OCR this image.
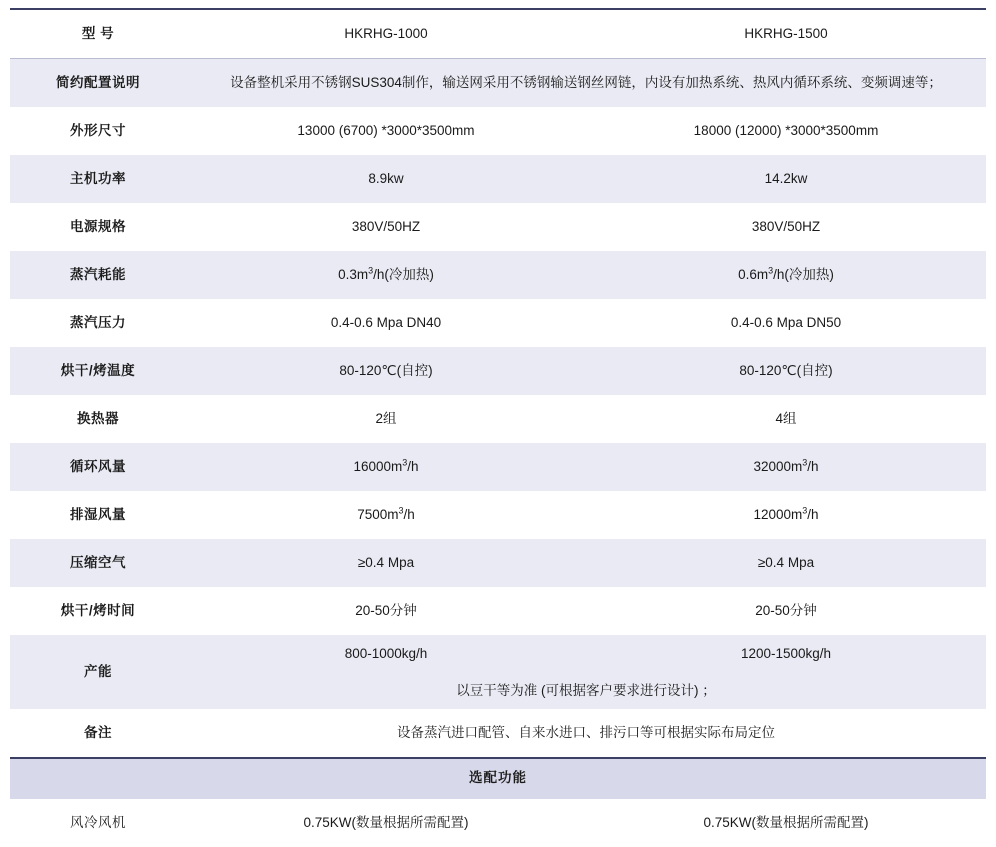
型 号	HKRHG-1000	HKRHG-1500

简约配置说明	设备整机采用不锈钢SUS304制作，输送网采用不锈钢输送钢丝网链，内设有加热系统、热风内循环系统、变频调速等；	
外形尺寸	13000 (6700) *3000*3500mm	18000 (12000) *3000*3500mm
主机功率	8.9kw	14.2kw
电源规格	380V/50HZ	380V/50HZ
蒸汽耗能	$0.3m^3/h$(冷加热)	$0.6m^3/h$(冷加热)
蒸汽压力	0.4-0.6 Mpa DN40	0.4-0.6 Mpa DN50
烘干/烤温度	80-120℃(自控)	80-120℃(自控)
换热器	2组	4组
循环风量	$16000m^3/h$	$32000m^3/h$
排湿风量	$7500m^3/h$	$12000m^3/h$
压缩空气	≥0.4 Mpa	≥0.4 Mpa
烘干/烤时间	20-50分钟	20-50分钟
产能	800-1000kg/h	1200-1500kg/h
	以豆干等为准 (可根据客户要求进行设计) ；	
备注	设备蒸汽进口配管、自来水进口、排污口等可根据实际布局定位	
选配功能		
风冷风机	0.75KW(数量根据所需配置)	0.75KW(数量根据所需配置)
